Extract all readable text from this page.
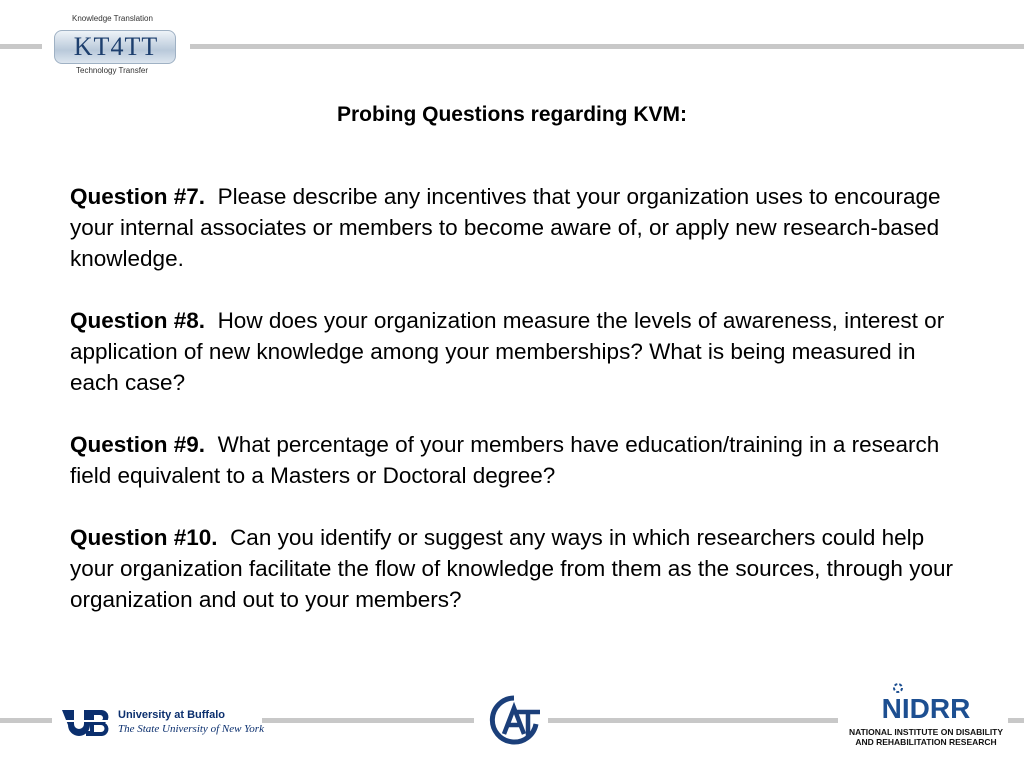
Knowledge Translation
KT4TT
Technology Transfer
Probing Questions regarding KVM:

Question #7. Please describe any incentives that your organization uses to encourage your internal associates or members to become aware of, or apply new research-based knowledge.

Question #8. How does your organization measure the levels of awareness, interest or application of new knowledge among your memberships? What is being measured in each case?

Question #9. What percentage of your members have education/training in a research field equivalent to a Masters or Doctoral degree?

Question #10. Can you identify or suggest any ways in which researchers could help your organization facilitate the flow of knowledge from them as the sources, through your organization and out to your members?

University at Buffalo
The State University of New York
NIDRR
NATIONAL INSTITUTE ON DISABILITY
AND REHABILITATION RESEARCH
